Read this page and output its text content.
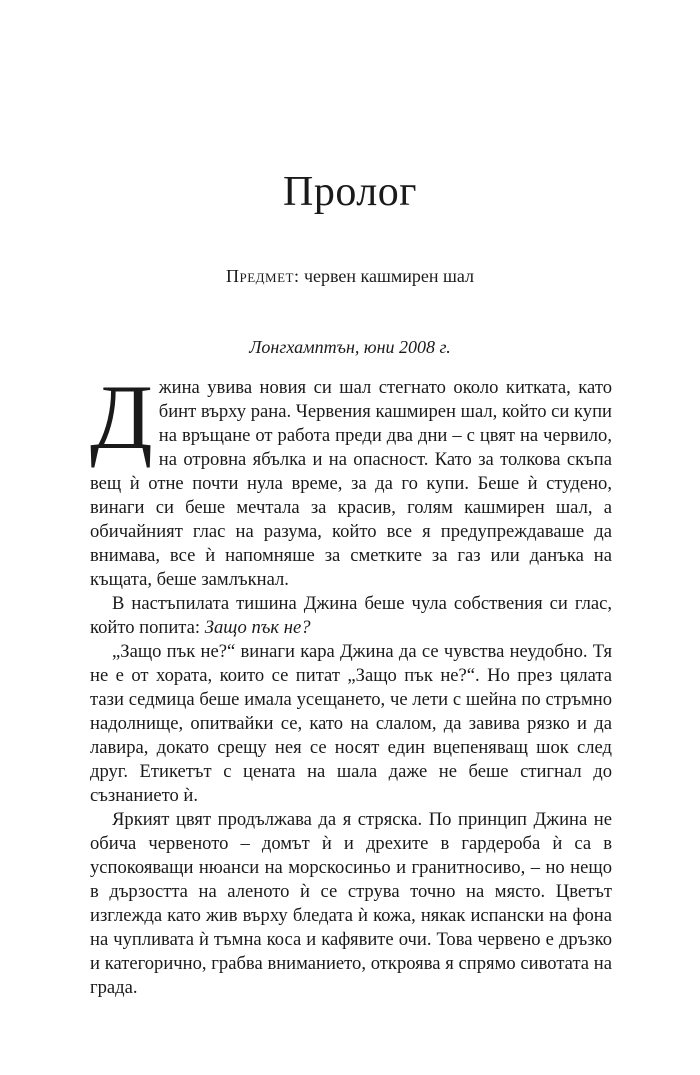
Пролог

Предмет: червен кашмирен шал

Лонгхамптън, юни 2008 г.

Джина увива новия си шал стегнато около китката, като бинт върху рана. Червения кашмирен шал, който си купи на връщане от работа преди два дни – с цвят на червило, на отровна ябълка и на опасност. Като за толкова скъпа вещ ѝ отне почти нула време, за да го купи. Беше ѝ студено, винаги си беше мечтала за красив, голям кашмирен шал, а обичайният глас на разума, който все я предупреждаваше да внимава, все ѝ напомняше за сметките за газ или данъка на къщата, беше замлъкнал.

В настъпилата тишина Джина беше чула собствения си глас, който попита: Защо пък не?

„Защо пък не?“ винаги кара Джина да се чувства неудобно. Тя не е от хората, които се питат „Защо пък не?“. Но през цялата тази седмица беше имала усещането, че лети с шейна по стръмно надолнище, опитвайки се, като на слалом, да завива рязко и да лавира, докато срещу нея се носят един вцепеняващ шок след друг. Етикетът с цената на шала даже не беше стигнал до съзнанието ѝ.

Яркият цвят продължава да я стряска. По принцип Джина не обича червеното – домът ѝ и дрехите в гардероба ѝ са в успокояващи нюанси на морскосиньо и гранитносиво, – но нещо в дързостта на аленото ѝ се струва точно на място. Цветът изглежда като жив върху бледата ѝ кожа, някак испански на фона на чупливата ѝ тъмна коса и кафявите очи. Това червено е дръзко и категорично, грабва вниманието, откроява я спрямо сивотата на града.
